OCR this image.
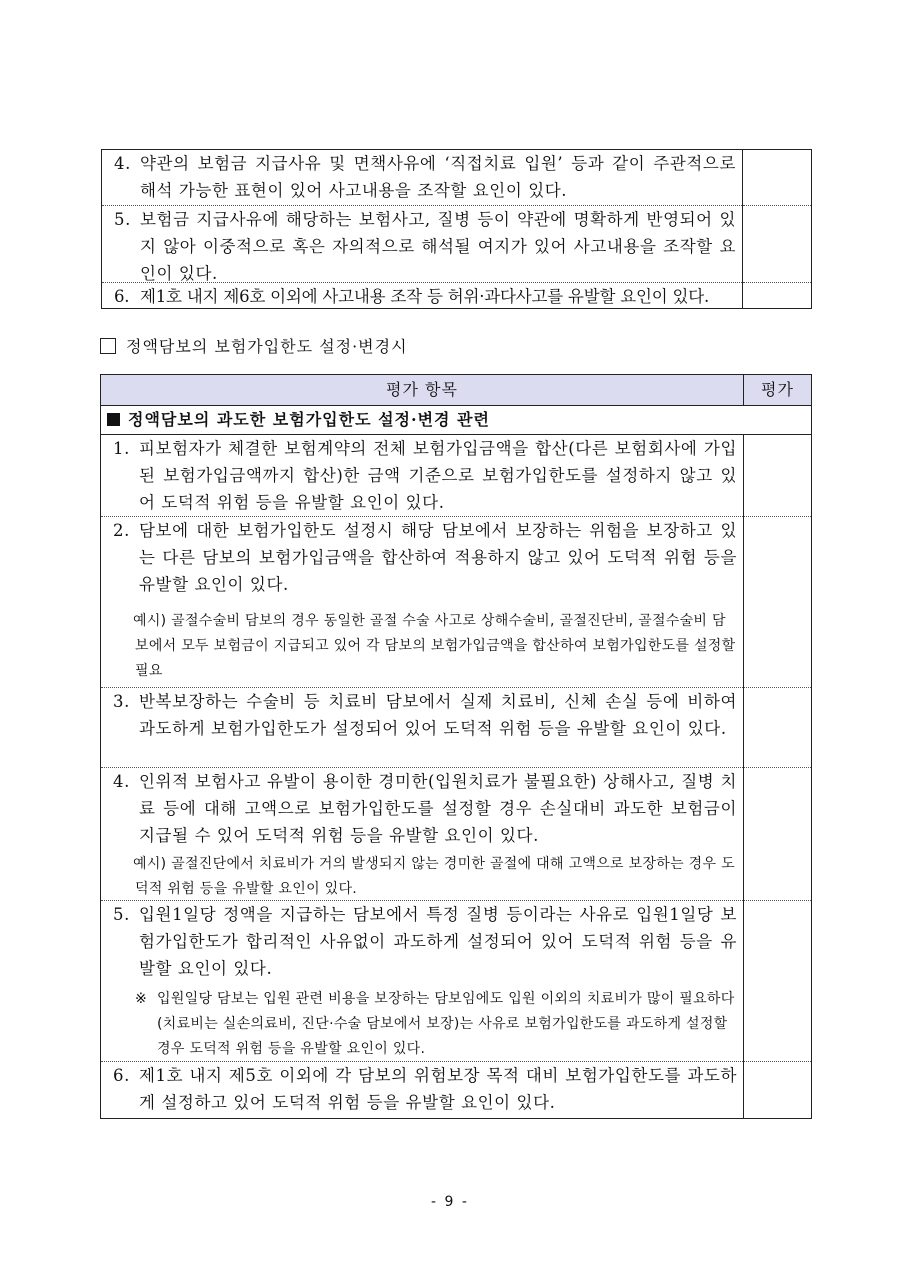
4. 약관의 보험금 지급사유 및 면책사유에 ‘직접치료 입원’ 등과 같이 주관적으로 해석 가능한 표현이 있어 사고내용을 조작할 요인이 있다.	

5. 보험금 지급사유에 해당하는 보험사고, 질병 등이 약관에 명확하게 반영되어 있지 않아 이중적으로 혹은 자의적으로 해석될 여지가 있어 사고내용을 조작할 요인이 있다.	

6. 제1호 내지 제6호 이외에 사고내용 조작 등 허위·과다사고를 유발할 요인이 있다.	

정액담보의 보험가입한도 설정·변경시
평가 항목	평가
정액담보의 과도한 보험가입한도 설정·변경 관련	

1. 피보험자가 체결한 보험계약의 전체 보험가입금액을 합산(다른 보험회사에 가입된 보험가입금액까지 합산)한 금액 기준으로 보험가입한도를 설정하지 않고 있어 도덕적 위험 등을 유발할 요인이 있다.	

2. 담보에 대한 보험가입한도 설정시 해당 담보에서 보장하는 위험을 보장하고 있는 다른 담보의 보험가입금액을 합산하여 적용하지 않고 있어 도덕적 위험 등을 유발할 요인이 있다.
예시) 골절수술비 담보의 경우 동일한 골절 수술 사고로 상해수술비, 골절진단비, 골절수술비 담보에서 모두 보험금이 지급되고 있어 각 담보의 보험가입금액을 합산하여 보험가입한도를 설정할 필요	

3. 반복보장하는 수술비 등 치료비 담보에서 실제 치료비, 신체 손실 등에 비하여 과도하게 보험가입한도가 설정되어 있어 도덕적 위험 등을 유발할 요인이 있다.	

4. 인위적 보험사고 유발이 용이한 경미한(입원치료가 불필요한) 상해사고, 질병 치료 등에 대해 고액으로 보험가입한도를 설정할 경우 손실대비 과도한 보험금이 지급될 수 있어 도덕적 위험 등을 유발할 요인이 있다.
예시) 골절진단에서 치료비가 거의 발생되지 않는 경미한 골절에 대해 고액으로 보장하는 경우 도덕적 위험 등을 유발할 요인이 있다.	

5. 입원1일당 정액을 지급하는 담보에서 특정 질병 등이라는 사유로 입원1일당 보험가입한도가 합리적인 사유없이 과도하게 설정되어 있어 도덕적 위험 등을 유발할 요인이 있다.
※ 입원일당 담보는 입원 관련 비용을 보장하는 담보임에도 입원 이외의 치료비가 많이 필요하다(치료비는 실손의료비, 진단·수술 담보에서 보장)는 사유로 보험가입한도를 과도하게 설정할 경우 도덕적 위험 등을 유발할 요인이 있다.	

6. 제1호 내지 제5호 이외에 각 담보의 위험보장 목적 대비 보험가입한도를 과도하게 설정하고 있어 도덕적 위험 등을 유발할 요인이 있다.	

- 9 -
